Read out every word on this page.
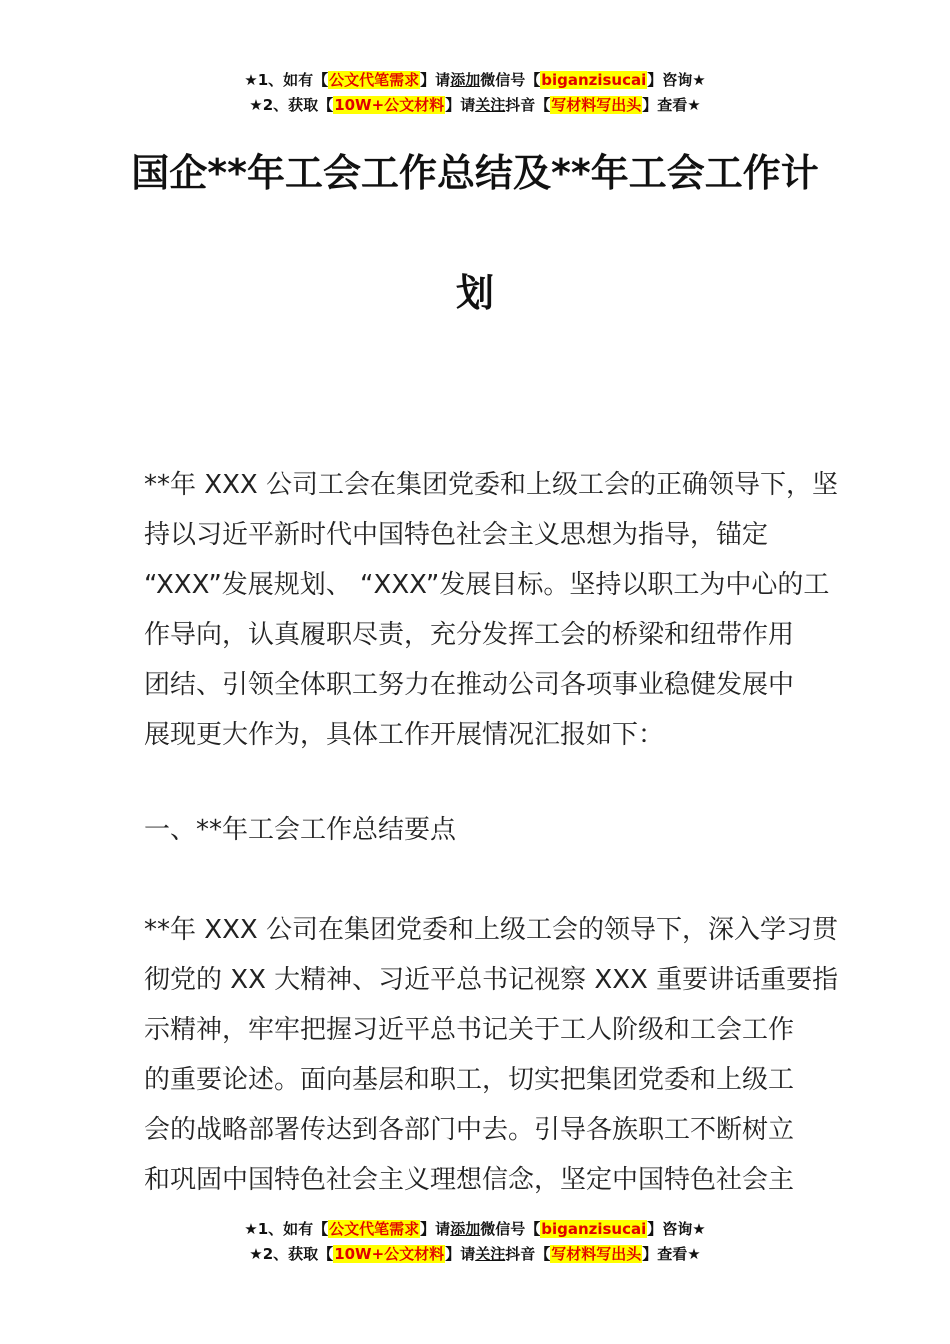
★1、如有【公文代笔需求】请添加微信号【biganzisucai】咨询★
★2、获取【10W+公文材料】请关注抖音【写材料写出头】查看★
国企**年工会工作总结及**年工会工作计
划
**年 XXX 公司工会在集团党委和上级工会的正确领导下，坚
持以习近平新时代中国特色社会主义思想为指导，锚定
“XXX”发展规划、 “XXX”发展目标。坚持以职工为中心的工
作导向，认真履职尽责，充分发挥工会的桥梁和纽带作用
团结、引领全体职工努力在推动公司各项事业稳健发展中
展现更大作为，具体工作开展情况汇报如下：
一、**年工会工作总结要点
**年 XXX 公司在集团党委和上级工会的领导下，深入学习贯
彻党的 XX 大精神、习近平总书记视察 XXX 重要讲话重要指
示精神，牢牢把握习近平总书记关于工人阶级和工会工作
的重要论述。面向基层和职工，切实把集团党委和上级工
会的战略部署传达到各部门中去。引导各族职工不断树立
和巩固中国特色社会主义理想信念，坚定中国特色社会主
★1、如有【公文代笔需求】请添加微信号【biganzisucai】咨询★
★2、获取【10W+公文材料】请关注抖音【写材料写出头】查看★
